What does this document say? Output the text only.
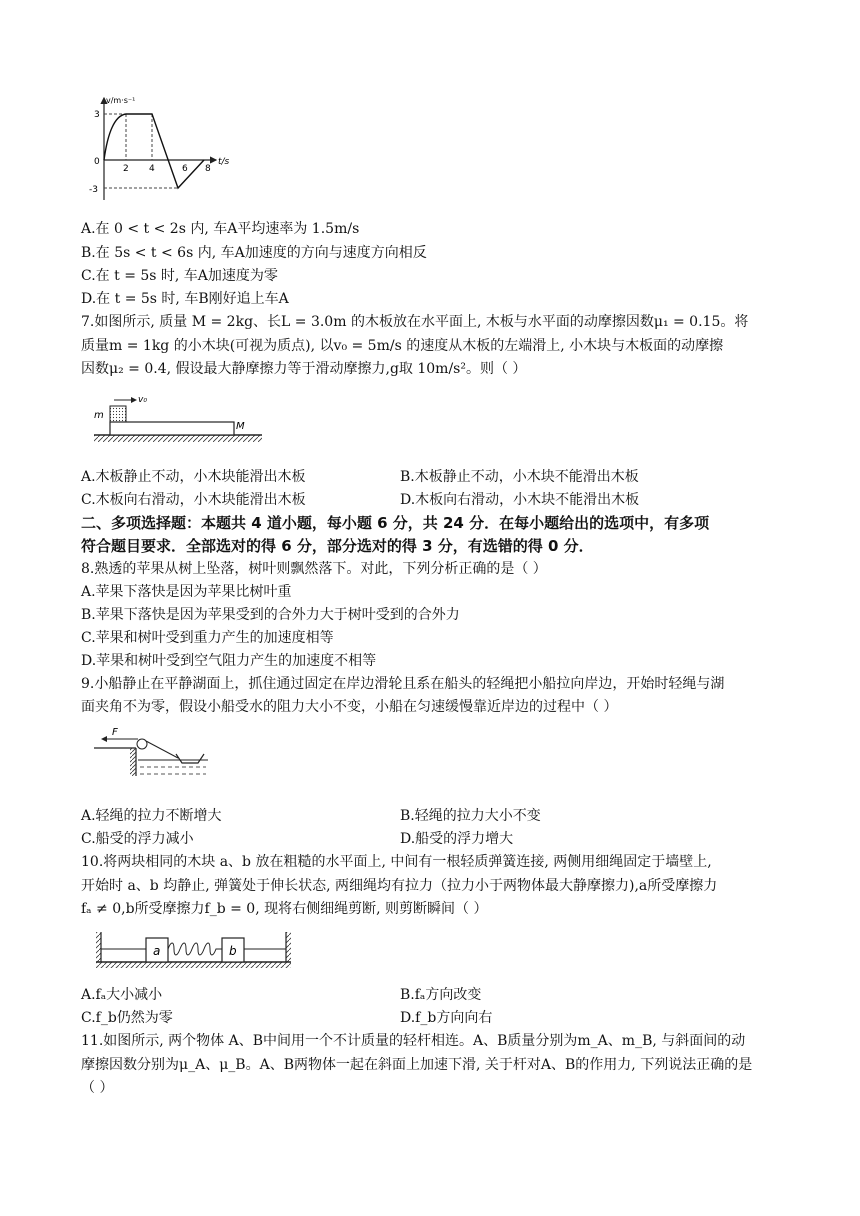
v/m·s⁻¹
t/s
3
0
-3
2 4	6 8
A.在 0 < t < 2s 内, 车A平均速率为 1.5m/s
B.在 5s < t < 6s 内, 车A加速度的方向与速度方向相反
C.在 t = 5s 时, 车A加速度为零
D.在 t = 5s 时, 车B刚好追上车A
7.如图所示, 质量 M = 2kg、长L = 3.0m 的木板放在水平面上, 木板与水平面的动摩擦因数μ₁ = 0.15。将
质量m = 1kg 的小木块(可视为质点), 以v₀ = 5m/s 的速度从木板的左端滑上, 小木块与木板面的动摩擦
因数μ₂ = 0.4, 假设最大静摩擦力等于滑动摩擦力,g取 10m/s²。则（ ）
m
v₀
M
A.木板静止不动，小木块能滑出木板	B.木板静止不动，小木块不能滑出木板
C.木板向右滑动，小木块能滑出木板	D.木板向右滑动，小木块不能滑出木板
二、多项选择题：本题共 4 道小题，每小题 6 分，共 24 分．在每小题给出的选项中，有多项
符合题目要求．全部选对的得 6 分，部分选对的得 3 分，有选错的得 0 分．
8.熟透的苹果从树上坠落，树叶则飘然落下。对此，下列分析正确的是（ ）
A.苹果下落快是因为苹果比树叶重
B.苹果下落快是因为苹果受到的合外力大于树叶受到的合外力
C.苹果和树叶受到重力产生的加速度相等
D.苹果和树叶受到空气阻力产生的加速度不相等
9.小船静止在平静湖面上，抓住通过固定在岸边滑轮且系在船头的轻绳把小船拉向岸边，开始时轻绳与湖
面夹角不为零，假设小船受水的阻力大小不变，小船在匀速缓慢靠近岸边的过程中（ ）
F
A.轻绳的拉力不断增大	B.轻绳的拉力大小不变
C.船受的浮力减小	D.船受的浮力增大
10.将两块相同的木块 a、b 放在粗糙的水平面上, 中间有一根轻质弹簧连接, 两侧用细绳固定于墙壁上,
开始时 a、b 均静止, 弹簧处于伸长状态, 两细绳均有拉力（拉力小于两物体最大静摩擦力),a所受摩擦力
fₐ ≠ 0,b所受摩擦力f_b = 0, 现将右侧细绳剪断, 则剪断瞬间（ ）
a	b
A.fₐ大小减小	B.fₐ方向改变
C.f_b仍然为零	D.f_b方向向右
11.如图所示, 两个物体 A、B中间用一个不计质量的轻杆相连。A、B质量分别为m_A、m_B, 与斜面间的动
摩擦因数分别为μ_A、μ_B。A、B两物体一起在斜面上加速下滑, 关于杆对A、B的作用力, 下列说法正确的是
（ ）
